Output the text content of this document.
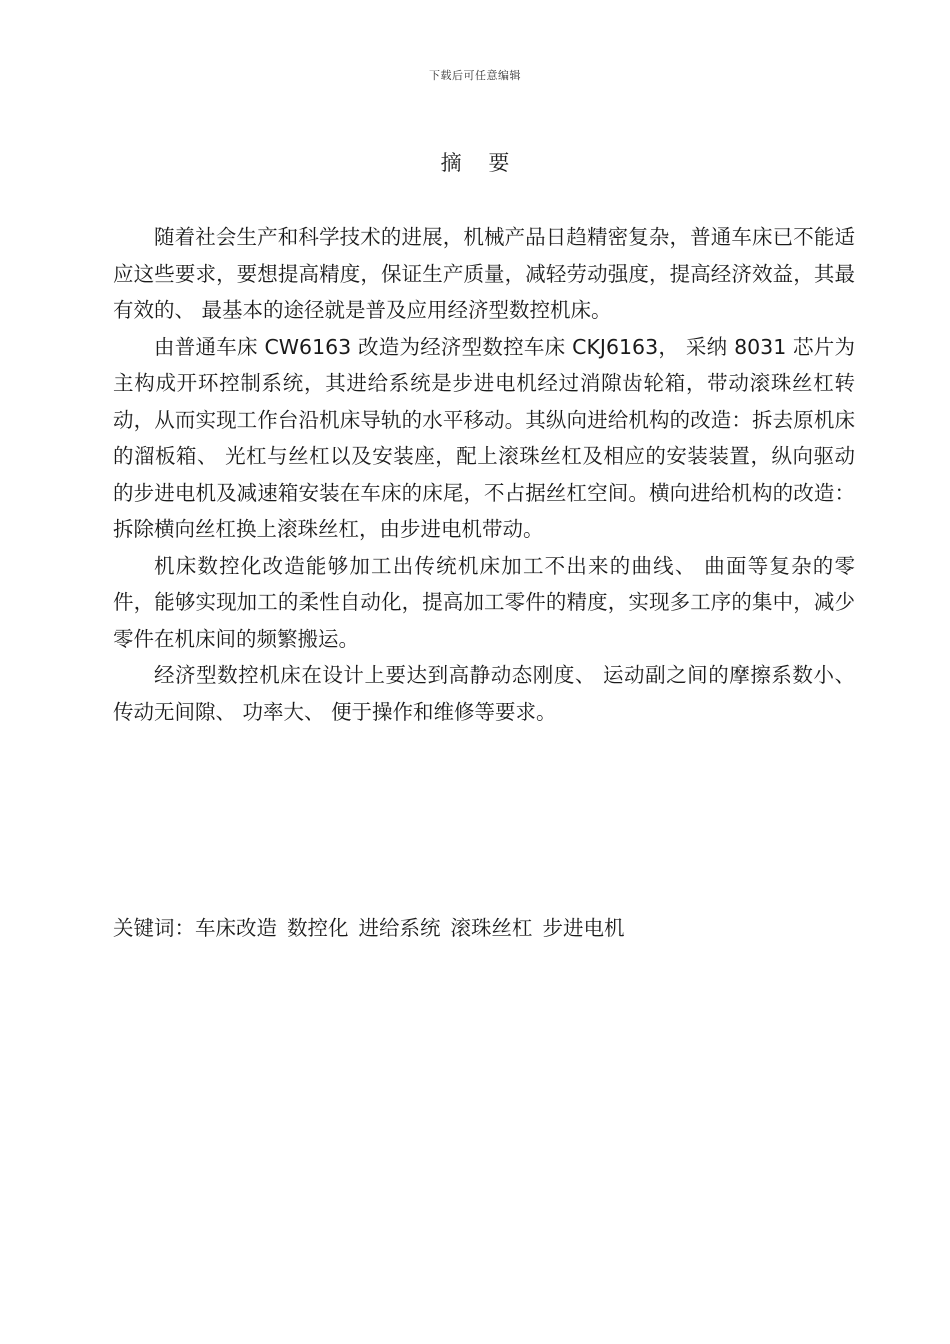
下载后可任意编辑
摘 要

随着社会生产和科学技术的进展，机械产品日趋精密复杂，普通车床已不能适应这些要求，要想提高精度，保证生产质量，减轻劳动强度，提高经济效益，其最有效的、 最基本的途径就是普及应用经济型数控机床。

由普通车床 CW6163 改造为经济型数控车床 CKJ6163， 采纳 8031 芯片为主构成开环控制系统，其进给系统是步进电机经过消隙齿轮箱，带动滚珠丝杠转动，从而实现工作台沿机床导轨的水平移动。其纵向进给机构的改造：拆去原机床的溜板箱、 光杠与丝杠以及安装座，配上滚珠丝杠及相应的安装装置，纵向驱动的步进电机及减速箱安装在车床的床尾，不占据丝杠空间。横向进给机构的改造：拆除横向丝杠换上滚珠丝杠，由步进电机带动。

机床数控化改造能够加工出传统机床加工不出来的曲线、 曲面等复杂的零件，能够实现加工的柔性自动化，提高加工零件的精度，实现多工序的集中，减少零件在机床间的频繁搬运。

经济型数控机床在设计上要达到高静动态刚度、 运动副之间的摩擦系数小、 传动无间隙、 功率大、 便于操作和维修等要求。

关键词：车床改造 数控化 进给系统 滚珠丝杠 步进电机
